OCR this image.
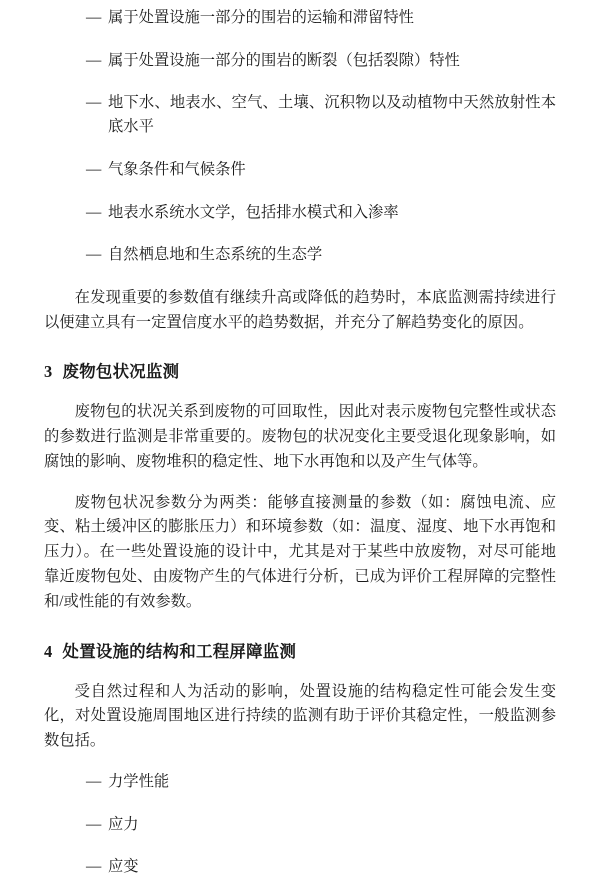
— 属于处置设施一部分的围岩的运输和滞留特性
— 属于处置设施一部分的围岩的断裂（包括裂隙）特性
— 地下水、地表水、空气、土壤、沉积物以及动植物中天然放射性本底水平
— 气象条件和气候条件
— 地表水系统水文学，包括排水模式和入渗率
— 自然栖息地和生态系统的生态学

在发现重要的参数值有继续升高或降低的趋势时，本底监测需持续进行以便建立具有一定置信度水平的趋势数据，并充分了解趋势变化的原因。

3 废物包状况监测

废物包的状况关系到废物的可回取性，因此对表示废物包完整性或状态的参数进行监测是非常重要的。废物包的状况变化主要受退化现象影响，如腐蚀的影响、废物堆积的稳定性、地下水再饱和以及产生气体等。

废物包状况参数分为两类：能够直接测量的参数（如：腐蚀电流、应变、粘土缓冲区的膨胀压力）和环境参数（如：温度、湿度、地下水再饱和压力）。在一些处置设施的设计中，尤其是对于某些中放废物，对尽可能地靠近废物包处、由废物产生的气体进行分析，已成为评价工程屏障的完整性和/或性能的有效参数。

4 处置设施的结构和工程屏障监测

受自然过程和人为活动的影响，处置设施的结构稳定性可能会发生变化，对处置设施周围地区进行持续的监测有助于评价其稳定性，一般监测参数包括。

— 力学性能
— 应力
— 应变
